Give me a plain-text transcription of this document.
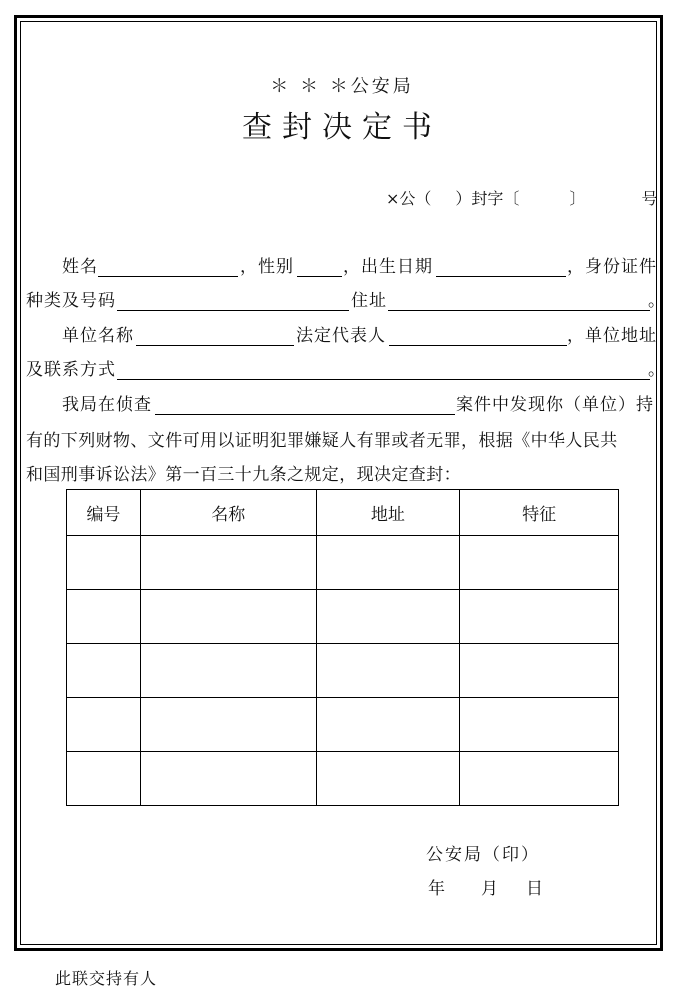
＊ ＊ ＊公安局
查封决定书
×公（ ）封字〔	〕	号
姓名	，性别	，出生日期	，身份证件
种类及号码	住址	。
单位名称	法定代表人	，单位地址
及联系方式	。
我局在侦查	案件中发现你（单位）持
有的下列财物、文件可用以证明犯罪嫌疑人有罪或者无罪，根据《中华人民共
和国刑事诉讼法》第一百三十九条之规定，现决定查封：
编号	名称	地址	特征

公安局（印）
年 月 日
此联交持有人
